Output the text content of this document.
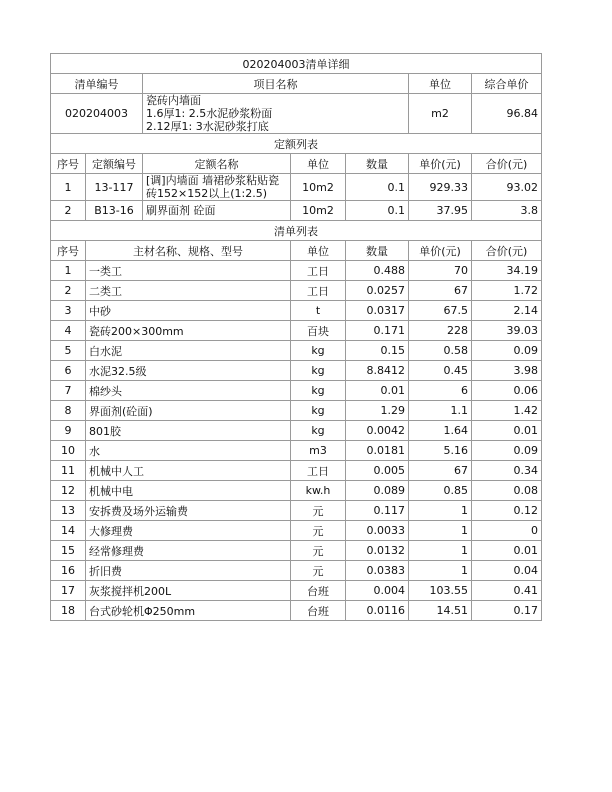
020204003清单详细						
清单编号		项目名称			单位	综合单价
020204003		瓷砖内墙面
1.6厚1: 2.5水泥砂浆粉面
2.12厚1: 3水泥砂浆打底			m2	96.84
定额列表						
序号	定额编号	定额名称	单位	数量	单价(元)	合价(元)
1	13-117	[调]内墙面 墙裙砂浆粘贴瓷砖152×152以上(1:2.5)	10m2	0.1	929.33	93.02
2	B13-16	刷界面剂 砼面	10m2	0.1	37.95	3.8
清单列表						
序号	主材名称、规格、型号		单位	数量	单价(元)	合价(元)
1	一类工		工日	0.488	70	34.19
2	二类工		工日	0.0257	67	1.72
3	中砂		t	0.0317	67.5	2.14
4	瓷砖200×300mm		百块	0.171	228	39.03
5	白水泥		kg	0.15	0.58	0.09
6	水泥32.5级		kg	8.8412	0.45	3.98
7	棉纱头		kg	0.01	6	0.06
8	界面剂(砼面)		kg	1.29	1.1	1.42
9	801胶		kg	0.0042	1.64	0.01
10	水		m3	0.0181	5.16	0.09
11	机械中人工		工日	0.005	67	0.34
12	机械中电		kw.h	0.089	0.85	0.08
13	安拆费及场外运输费		元	0.117	1	0.12
14	大修理费		元	0.0033	1	0
15	经常修理费		元	0.0132	1	0.01
16	折旧费		元	0.0383	1	0.04
17	灰浆搅拌机200L		台班	0.004	103.55	0.41
18	台式砂轮机Φ250mm		台班	0.0116	14.51	0.17
